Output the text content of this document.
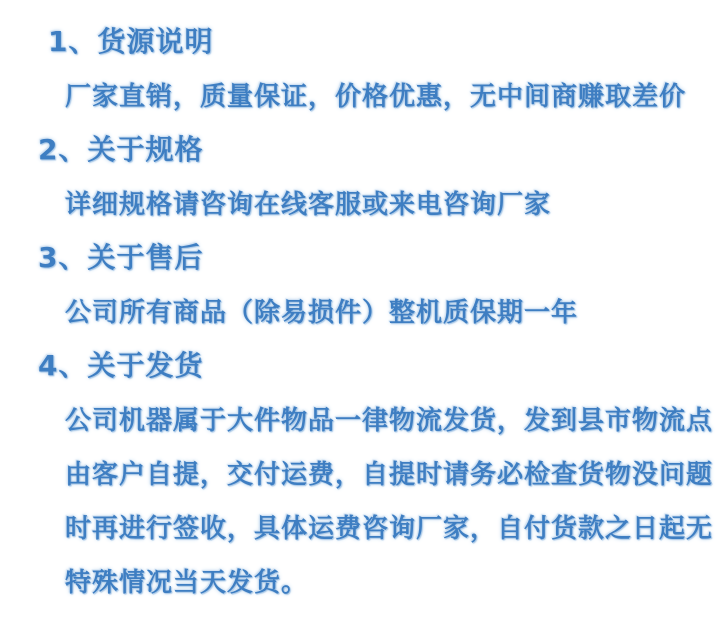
1、货源说明
厂家直销，质量保证，价格优惠，无中间商赚取差价
2、关于规格
详细规格请咨询在线客服或来电咨询厂家
3、关于售后
公司所有商品（除易损件）整机质保期一年
4、关于发货
公司机器属于大件物品一律物流发货，发到县市物流点
由客户自提，交付运费，自提时请务必检查货物没问题
时再进行签收，具体运费咨询厂家，自付货款之日起无
特殊情况当天发货。
